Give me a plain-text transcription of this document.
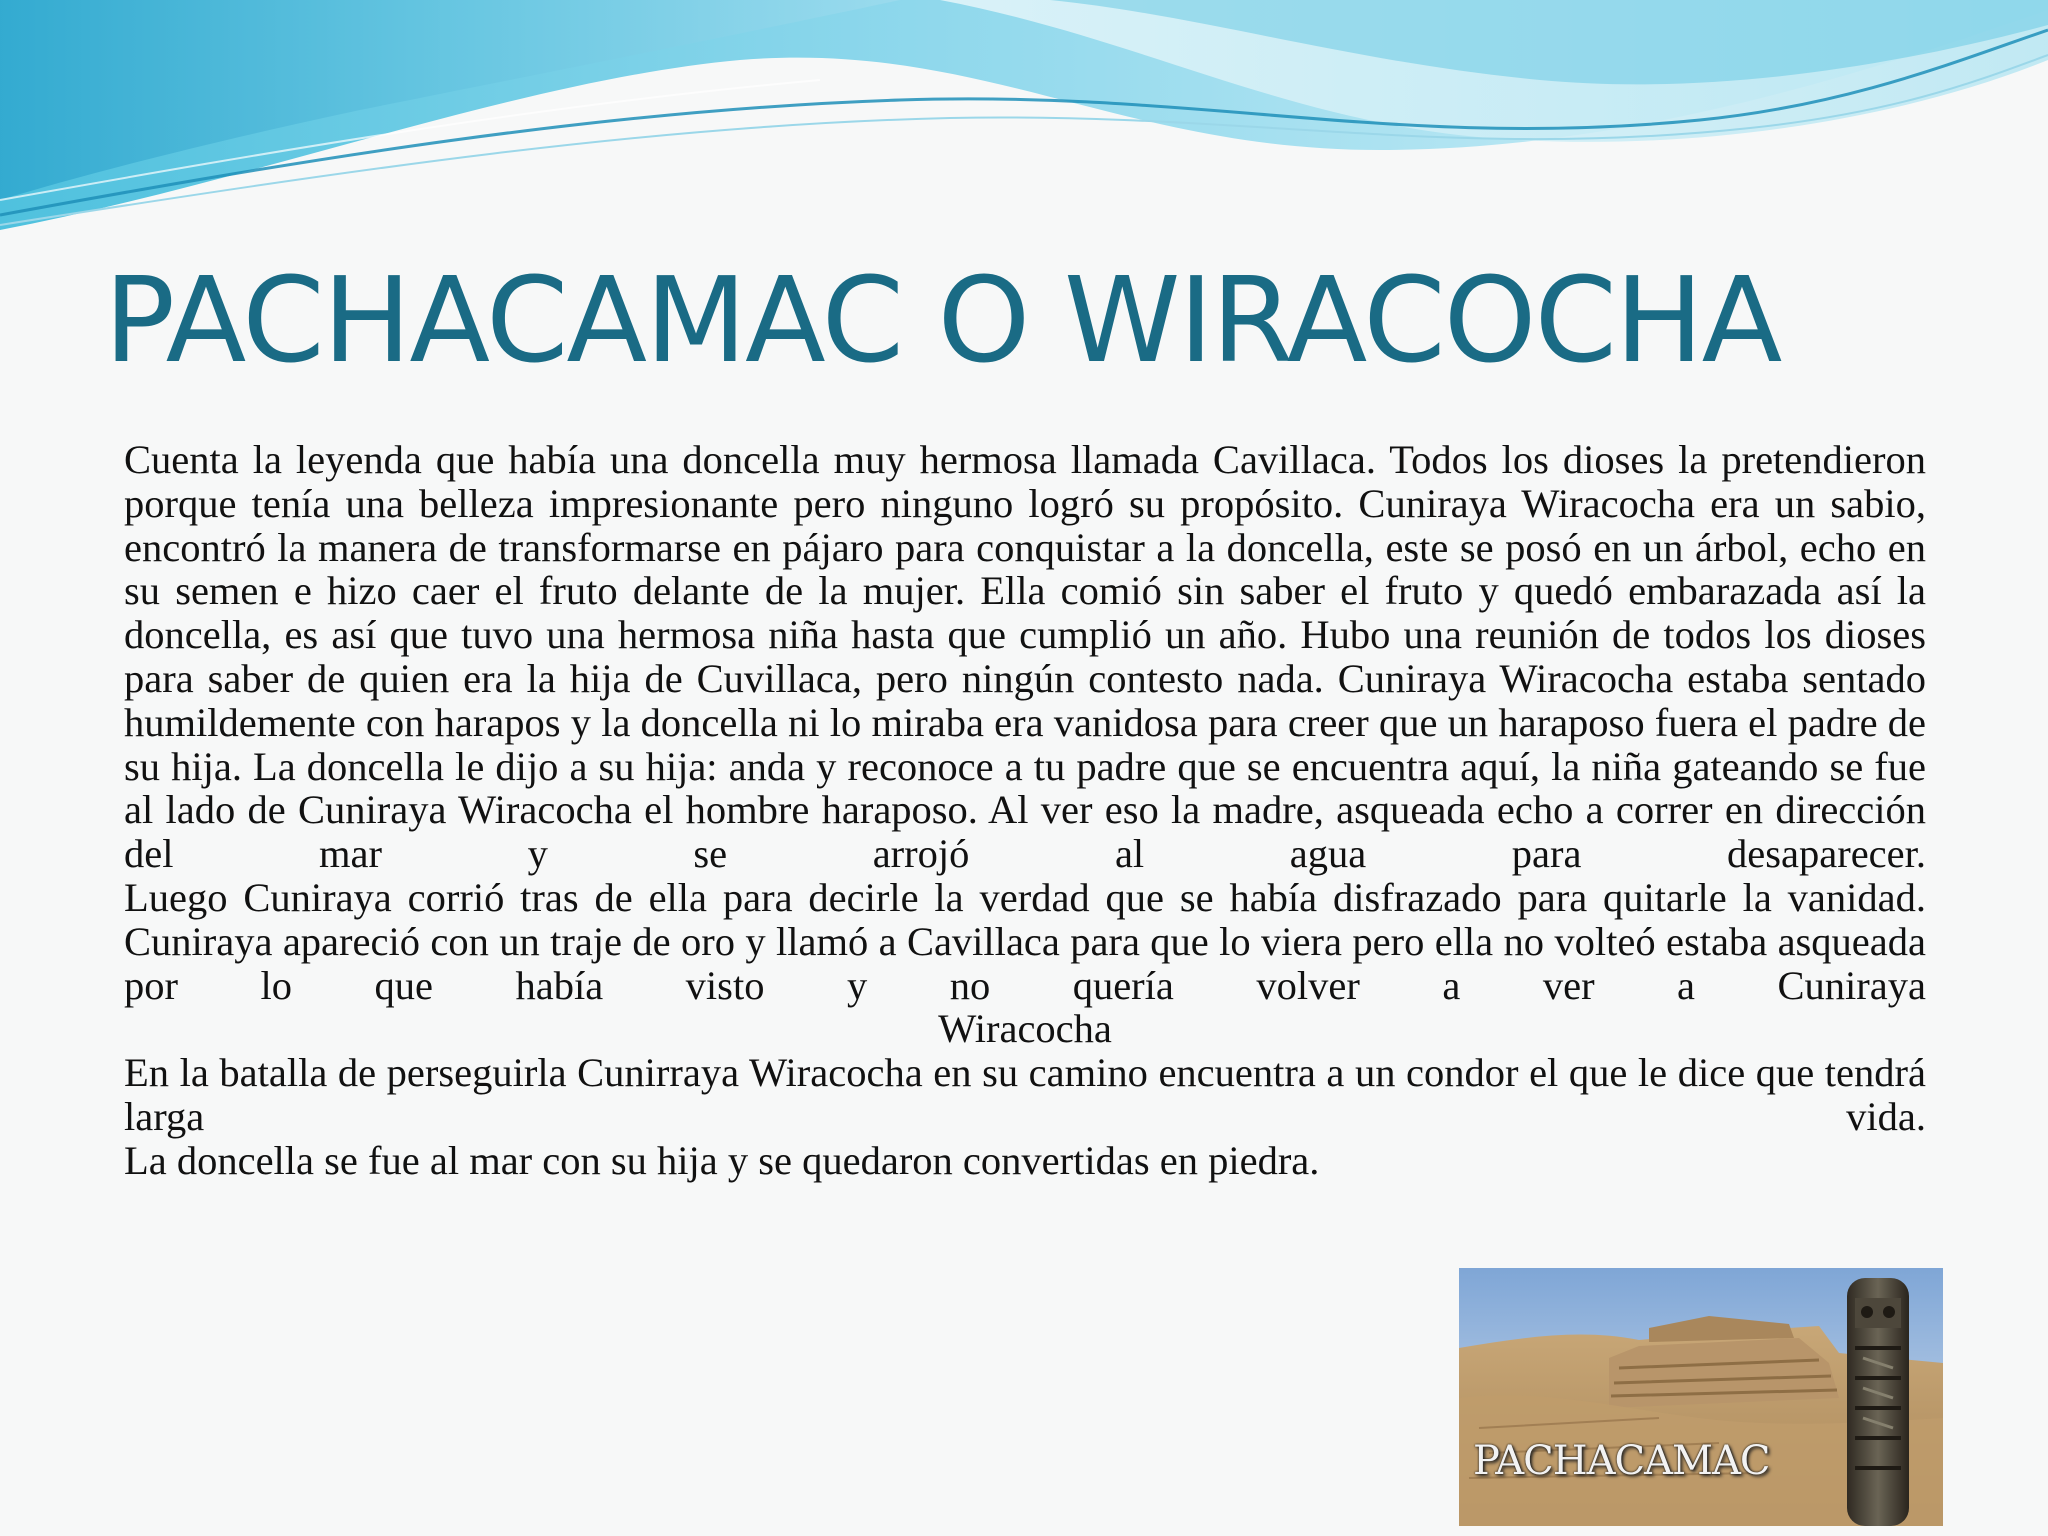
PACHACAMAC O WIRACOCHA

Cuenta la leyenda que había una doncella muy hermosa llamada Cavillaca. Todos los dioses la pretendieron porque tenía una belleza impresionante pero ninguno logró su propósito. Cuniraya Wiracocha era un sabio, encontró la manera de transformarse en pájaro para conquistar a la doncella, este se posó en un árbol, echo en su semen e hizo caer el fruto delante de la mujer. Ella comió sin saber el fruto y quedó embarazada así la doncella, es así que tuvo una hermosa niña hasta que cumplió un año. Hubo una reunión de todos los dioses para saber de quien era la hija de Cuvillaca, pero ningún contesto nada. Cuniraya Wiracocha estaba sentado humildemente con harapos y la doncella ni lo miraba era vanidosa para creer que un haraposo fuera el padre de su hija. La doncella le dijo a su hija: anda y reconoce a tu padre que se encuentra aquí, la niña gateando se fue al lado de Cuniraya Wiracocha el hombre haraposo. Al ver eso la madre, asqueada echo a correr en dirección del mar y se arrojó al agua para desaparecer.

Luego Cuniraya corrió tras de ella para decirle la verdad que se había disfrazado para quitarle la vanidad. Cuniraya apareció con un traje de oro y llamó a Cavillaca para que lo viera pero ella no volteó estaba asqueada por lo que había visto y no quería volver a ver a Cuniraya

Wiracocha

En la batalla de perseguirla Cunirraya Wiracocha en su camino encuentra a un condor el que le dice que tendrá larga vida.

La doncella se fue al mar con su hija y se quedaron convertidas en piedra.

PACHACAMAC
